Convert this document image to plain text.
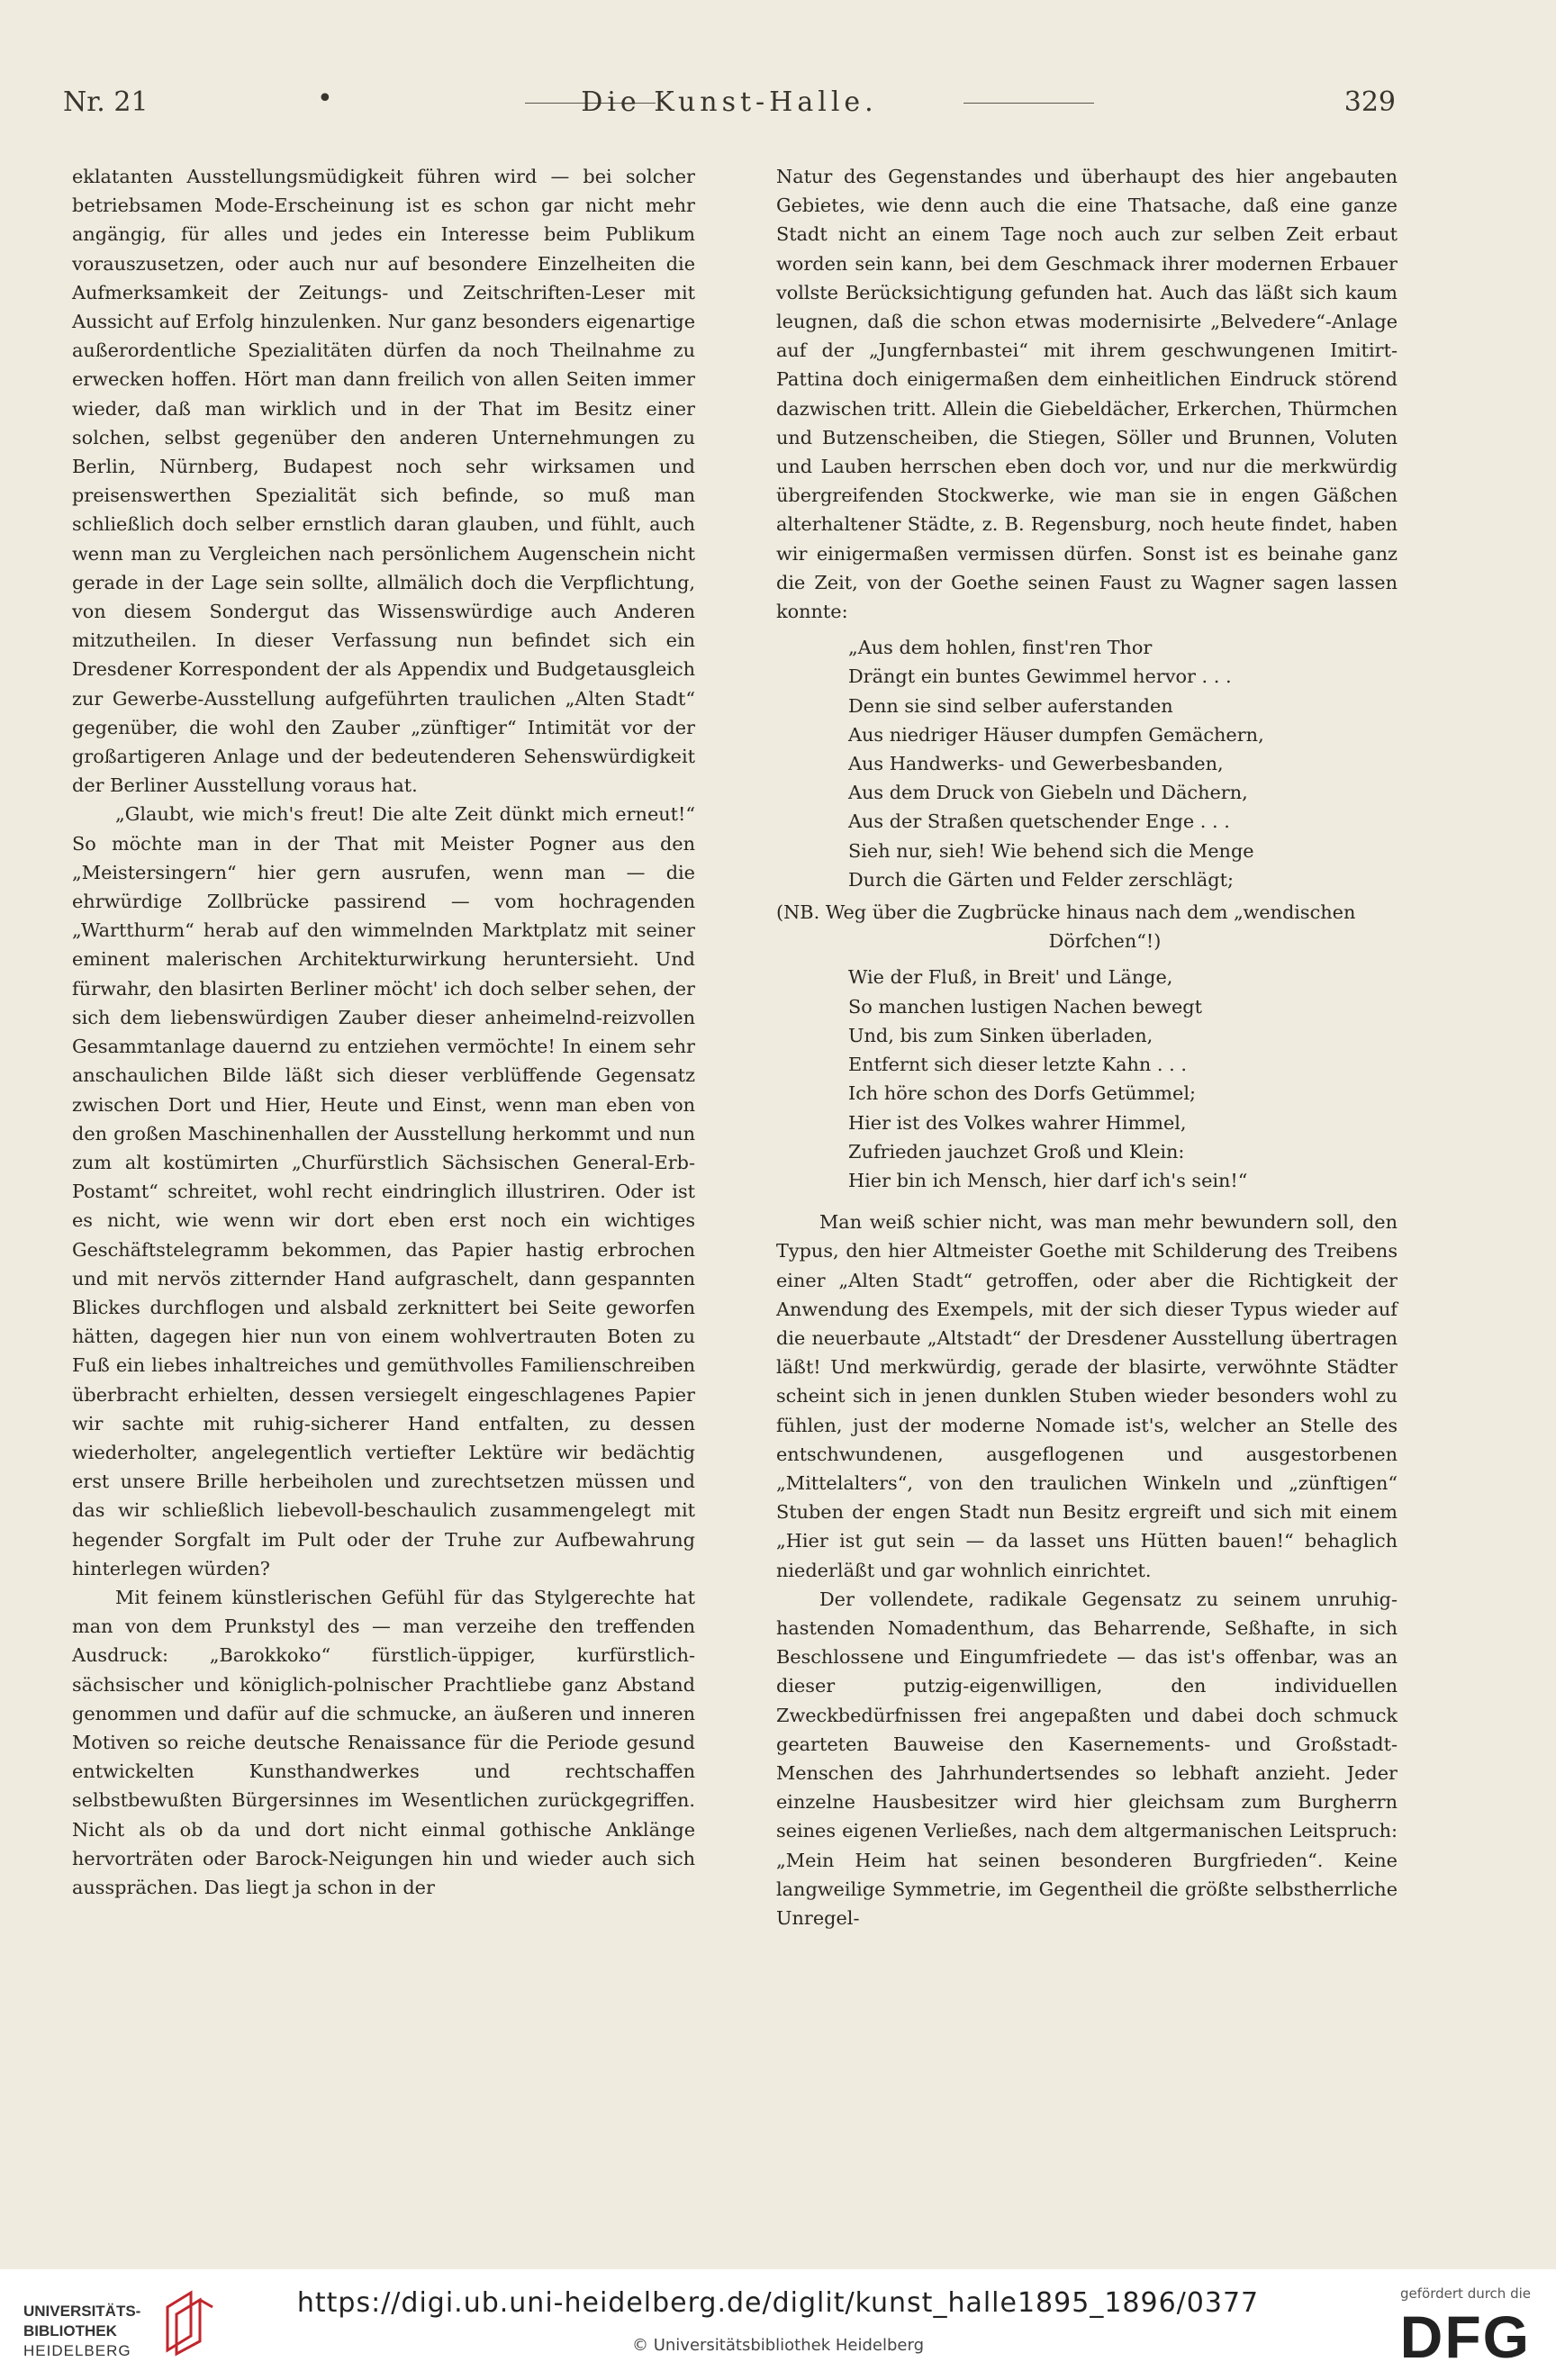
Nr. 21	•	Die Kunst-Halle.	329

eklatanten Ausstellungsmüdigkeit führen wird — bei solcher betriebsamen Mode-Erscheinung ist es schon gar nicht mehr angängig, für alles und jedes ein Interesse beim Publikum vorauszusetzen, oder auch nur auf besondere Einzelheiten die Aufmerksamkeit der Zeitungs- und Zeitschriften-Leser mit Aussicht auf Erfolg hinzulenken. Nur ganz besonders eigenartige außerordentliche Spezialitäten dürfen da noch Theilnahme zu erwecken hoffen. Hört man dann freilich von allen Seiten immer wieder, daß man wirklich und in der That im Besitz einer solchen, selbst gegenüber den anderen Unternehmungen zu Berlin, Nürnberg, Budapest noch sehr wirksamen und preisenswerthen Spezialität sich befinde, so muß man schließlich doch selber ernstlich daran glauben, und fühlt, auch wenn man zu Vergleichen nach persönlichem Augenschein nicht gerade in der Lage sein sollte, allmälich doch die Verpflichtung, von diesem Sondergut das Wissenswürdige auch Anderen mitzutheilen. In dieser Verfassung nun befindet sich ein Dresdener Korrespondent der als Appendix und Budgetausgleich zur Gewerbe-Ausstellung aufgeführten traulichen „Alten Stadt“ gegenüber, die wohl den Zauber „zünftiger“ Intimität vor der großartigeren Anlage und der bedeutenderen Sehenswürdigkeit der Berliner Ausstellung voraus hat.

„Glaubt, wie mich's freut! Die alte Zeit dünkt mich erneut!“ So möchte man in der That mit Meister Pogner aus den „Meistersingern“ hier gern ausrufen, wenn man — die ehrwürdige Zollbrücke passirend — vom hochragenden „Wartthurm“ herab auf den wimmelnden Marktplatz mit seiner eminent malerischen Architekturwirkung heruntersieht. Und fürwahr, den blasirten Berliner möcht' ich doch selber sehen, der sich dem liebenswürdigen Zauber dieser anheimelnd-reizvollen Gesammtanlage dauernd zu entziehen vermöchte! In einem sehr anschaulichen Bilde läßt sich dieser verblüffende Gegensatz zwischen Dort und Hier, Heute und Einst, wenn man eben von den großen Maschinenhallen der Ausstellung herkommt und nun zum alt kostümirten „Churfürstlich Sächsischen General-Erb-Postamt“ schreitet, wohl recht eindringlich illustriren. Oder ist es nicht, wie wenn wir dort eben erst noch ein wichtiges Geschäftstelegramm bekommen, das Papier hastig erbrochen und mit nervös zitternder Hand aufgraschelt, dann gespannten Blickes durchflogen und alsbald zerknittert bei Seite geworfen hätten, dagegen hier nun von einem wohlvertrauten Boten zu Fuß ein liebes inhaltreiches und gemüthvolles Familienschreiben überbracht erhielten, dessen versiegelt eingeschlagenes Papier wir sachte mit ruhig-sicherer Hand entfalten, zu dessen wiederholter, angelegentlich vertiefter Lektüre wir bedächtig erst unsere Brille herbeiholen und zurechtsetzen müssen und das wir schließlich liebevoll-beschaulich zusammengelegt mit hegender Sorgfalt im Pult oder der Truhe zur Aufbewahrung hinterlegen würden?

Mit feinem künstlerischen Gefühl für das Stylgerechte hat man von dem Prunkstyl des — man verzeihe den treffenden Ausdruck: „Barokkoko“ fürstlich-üppiger, kurfürstlich-sächsischer und königlich-polnischer Prachtliebe ganz Abstand genommen und dafür auf die schmucke, an äußeren und inneren Motiven so reiche deutsche Renaissance für die Periode gesund entwickelten Kunsthandwerkes und rechtschaffen selbstbewußten Bürgersinnes im Wesentlichen zurückgegriffen. Nicht als ob da und dort nicht einmal gothische Anklänge hervorträten oder Barock-Neigungen hin und wieder auch sich aussprächen. Das liegt ja schon in der

Natur des Gegenstandes und überhaupt des hier angebauten Gebietes, wie denn auch die eine Thatsache, daß eine ganze Stadt nicht an einem Tage noch auch zur selben Zeit erbaut worden sein kann, bei dem Geschmack ihrer modernen Erbauer vollste Berücksichtigung gefunden hat. Auch das läßt sich kaum leugnen, daß die schon etwas modernisirte „Belvedere“-Anlage auf der „Jungfernbastei“ mit ihrem geschwungenen Imitirt-Pattina doch einigermaßen dem einheitlichen Eindruck störend dazwischen tritt. Allein die Giebeldächer, Erkerchen, Thürmchen und Butzenscheiben, die Stiegen, Söller und Brunnen, Voluten und Lauben herrschen eben doch vor, und nur die merkwürdig übergreifenden Stockwerke, wie man sie in engen Gäßchen alterhaltener Städte, z. B. Regensburg, noch heute findet, haben wir einigermaßen vermissen dürfen. Sonst ist es beinahe ganz die Zeit, von der Goethe seinen Faust zu Wagner sagen lassen konnte:

„Aus dem hohlen, finst'ren Thor
Drängt ein buntes Gewimmel hervor . . .
Denn sie sind selber auferstanden
Aus niedriger Häuser dumpfen Gemächern,
Aus Handwerks- und Gewerbesbanden,
Aus dem Druck von Giebeln und Dächern,
Aus der Straßen quetschender Enge . . .
Sieh nur, sieh! Wie behend sich die Menge
Durch die Gärten und Felder zerschlägt;
(NB. Weg über die Zugbrücke hinaus nach dem „wendischen
Dörfchen“!)
Wie der Fluß, in Breit' und Länge,
So manchen lustigen Nachen bewegt
Und, bis zum Sinken überladen,
Entfernt sich dieser letzte Kahn . . .
Ich höre schon des Dorfs Getümmel;
Hier ist des Volkes wahrer Himmel,
Zufrieden jauchzet Groß und Klein:
Hier bin ich Mensch, hier darf ich's sein!“

Man weiß schier nicht, was man mehr bewundern soll, den Typus, den hier Altmeister Goethe mit Schilderung des Treibens einer „Alten Stadt“ getroffen, oder aber die Richtigkeit der Anwendung des Exempels, mit der sich dieser Typus wieder auf die neuerbaute „Altstadt“ der Dresdener Ausstellung übertragen läßt! Und merkwürdig, gerade der blasirte, verwöhnte Städter scheint sich in jenen dunklen Stuben wieder besonders wohl zu fühlen, just der moderne Nomade ist's, welcher an Stelle des entschwundenen, ausgeflogenen und ausgestorbenen „Mittelalters“, von den traulichen Winkeln und „zünftigen“ Stuben der engen Stadt nun Besitz ergreift und sich mit einem „Hier ist gut sein — da lasset uns Hütten bauen!“ behaglich niederläßt und gar wohnlich einrichtet.

Der vollendete, radikale Gegensatz zu seinem unruhig-hastenden Nomadenthum, das Beharrende, Seßhafte, in sich Beschlossene und Eingumfriedete — das ist's offenbar, was an dieser putzig-eigenwilligen, den individuellen Zweckbedürfnissen frei angepaßten und dabei doch schmuck gearteten Bauweise den Kasernements- und Großstadt-Menschen des Jahrhundertsendes so lebhaft anzieht. Jeder einzelne Hausbesitzer wird hier gleichsam zum Burgherrn seines eigenen Verließes, nach dem altgermanischen Leitspruch: „Mein Heim hat seinen besonderen Burgfrieden“. Keine langweilige Symmetrie, im Gegentheil die größte selbstherrliche Unregel-

UNIVERSITÄTS-
BIBLIOTHEK
HEIDELBERG
https://digi.ub.uni-heidelberg.de/diglit/kunst_halle1895_1896/0377
© Universitätsbibliothek Heidelberg
gefördert durch die
DFG
